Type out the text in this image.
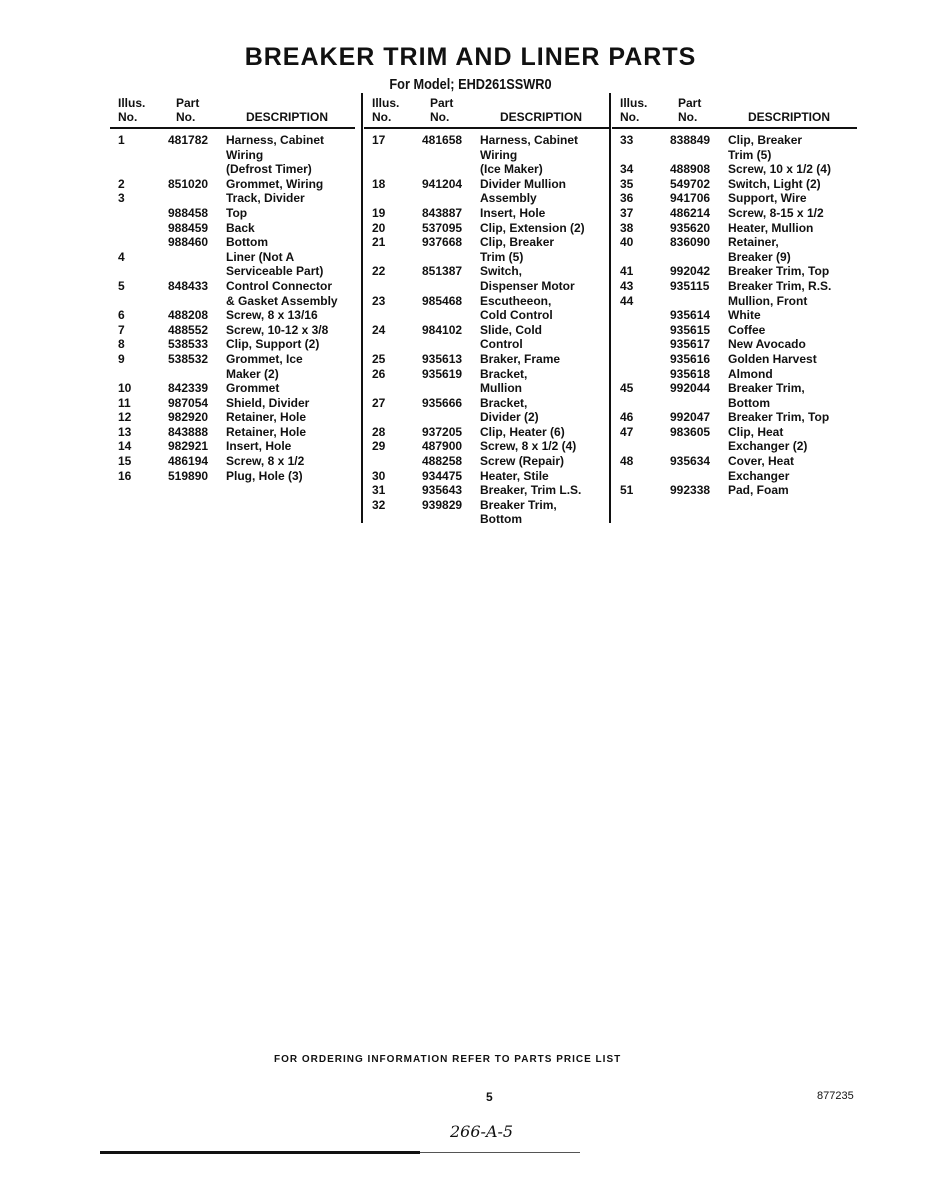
BREAKER TRIM AND LINER PARTS
For Model; EHD261SSWR0
Illus.
No.
Part
No.	DESCRIPTION
1	481782 Harness, Cabinet
Wiring
(Defrost Timer)
2	851020 Grommet, Wiring
3	Track, Divider
988458 Top
988459 Back
988460 Bottom
4	Liner (Not A
Serviceable Part)
5	848433 Control Connector
& Gasket Assembly
6	488208 Screw, 8 x 13/16
7	488552 Screw, 10-12 x 3/8
8	538533 Clip, Support (2)
9	538532 Grommet, Ice
Maker (2)
10	842339 Grommet
11	987054 Shield, Divider
12	982920 Retainer, Hole
13	843888 Retainer, Hole
14	982921 Insert, Hole
15	486194 Screw, 8 x 1/2
16	519890 Plug, Hole (3)
Illus.
No.
Part
No.	DESCRIPTION
17	481658 Harness, Cabinet
Wiring
(Ice Maker)
18	941204 Divider Mullion
Assembly
19	843887 Insert, Hole
20	537095 Clip, Extension (2)
21	937668 Clip, Breaker
Trim (5)
22	851387 Switch,
Dispenser Motor
23	985468 Escutheeon,
Cold Control
24	984102 Slide, Cold
Control
25	935613 Braker, Frame
26	935619 Bracket,
Mullion
27	935666 Bracket,
Divider (2)
28	937205 Clip, Heater (6)
29	487900 Screw, 8 x 1/2 (4)
488258 Screw (Repair)
30	934475 Heater, Stile
31	935643 Breaker, Trim L.S.
32	939829 Breaker Trim,
Bottom
Illus.
No.
Part
No.	DESCRIPTION
33	838849 Clip, Breaker
Trim (5)
34	488908 Screw, 10 x 1/2 (4)
35	549702 Switch, Light (2)
36	941706 Support, Wire
37	486214 Screw, 8-15 x 1/2
38	935620 Heater, Mullion
40	836090 Retainer,
Breaker (9)
41	992042 Breaker Trim, Top
43	935115 Breaker Trim, R.S.
44	Mullion, Front
935614 White
935615 Coffee
935617 New Avocado
935616 Golden Harvest
935618 Almond
45	992044 Breaker Trim,
Bottom
46	992047 Breaker Trim, Top
47	983605 Clip, Heat
Exchanger (2)
48	935634 Cover, Heat
Exchanger
51	992338 Pad, Foam
FOR ORDERING INFORMATION REFER TO PARTS PRICE LIST
5	877235
266-A-5
